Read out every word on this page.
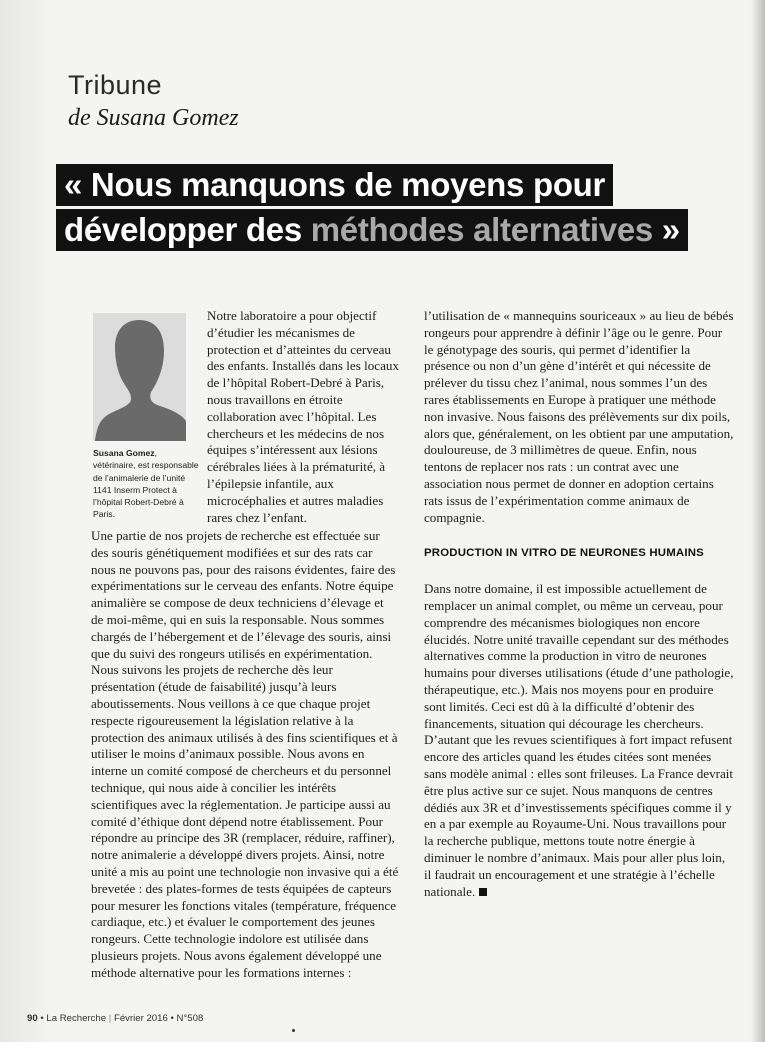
Tribune
de Susana Gomez
« Nous manquons de moyens pour
développer des méthodes alternatives »
Susana Gomez, vétérinaire, est responsable de l’animalerie de l’unité 1141 Inserm Protect à l’hôpital Robert-Debré à Paris.

Notre laboratoire a pour objectif d’étudier les mécanismes de protection et d’atteintes du cerveau des enfants. Installés dans les locaux de l’hôpital Robert-Debré à Paris, nous travaillons en étroite collaboration avec l’hôpital. Les chercheurs et les médecins de nos équipes s’intéressent aux lésions cérébrales liées à la prématurité, à l’épilepsie infantile, aux microcéphalies et autres maladies rares chez l’enfant.

Une partie de nos projets de recherche est effectuée sur des souris génétiquement modifiées et sur des rats car nous ne pouvons pas, pour des raisons évidentes, faire des expérimentations sur le cerveau des enfants. Notre équipe animalière se compose de deux techniciens d’élevage et de moi-même, qui en suis la responsable. Nous sommes chargés de l’hébergement et de l’élevage des souris, ainsi que du suivi des rongeurs utilisés en expérimentation. Nous suivons les projets de recherche dès leur présentation (étude de faisabilité) jusqu’à leurs aboutissements. Nous veillons à ce que chaque projet respecte rigoureusement la législation relative à la protection des animaux utilisés à des fins scientifiques et à utiliser le moins d’animaux possible. Nous avons en interne un comité composé de chercheurs et du personnel technique, qui nous aide à concilier les intérêts scientifiques avec la réglementation. Je participe aussi au comité d’éthique dont dépend notre établissement. Pour répondre au principe des 3R (remplacer, réduire, raffiner), notre animalerie a développé divers projets. Ainsi, notre unité a mis au point une technologie non invasive qui a été brevetée : des plates-formes de tests équipées de capteurs pour mesurer les fonctions vitales (température, fréquence cardiaque, etc.) et évaluer le comportement des jeunes rongeurs. Cette technologie indolore est utilisée dans plusieurs projets. Nous avons également développé une méthode alternative pour les formations internes :

l’utilisation de « mannequins souriceaux » au lieu de bébés rongeurs pour apprendre à définir l’âge ou le genre. Pour le génotypage des souris, qui permet d’identifier la présence ou non d’un gène d’intérêt et qui nécessite de prélever du tissu chez l’animal, nous sommes l’un des rares établissements en Europe à pratiquer une méthode non invasive. Nous faisons des prélèvements sur dix poils, alors que, généralement, on les obtient par une amputation, douloureuse, de 3 millimètres de queue. Enfin, nous tentons de replacer nos rats : un contrat avec une association nous permet de donner en adoption certains rats issus de l’expérimentation comme animaux de compagnie.

PRODUCTION IN VITRO DE NEURONES HUMAINS

Dans notre domaine, il est impossible actuellement de remplacer un animal complet, ou même un cerveau, pour comprendre des mécanismes biologiques non encore élucidés. Notre unité travaille cependant sur des méthodes alternatives comme la production in vitro de neurones humains pour diverses utilisations (étude d’une pathologie, thérapeutique, etc.). Mais nos moyens pour en produire sont limités. Ceci est dû à la difficulté d’obtenir des financements, situation qui décourage les chercheurs. D’autant que les revues scientifiques à fort impact refusent encore des articles quand les études citées sont menées sans modèle animal : elles sont frileuses. La France devrait être plus active sur ce sujet. Nous manquons de centres dédiés aux 3R et d’investissements spécifiques comme il y en a par exemple au Royaume-Uni. Nous travaillons pour la recherche publique, mettons toute notre énergie à diminuer le nombre d’animaux. Mais pour aller plus loin, il faudrait un encouragement et une stratégie à l’échelle nationale.

90 • La Recherche | Février 2016 • N°508
